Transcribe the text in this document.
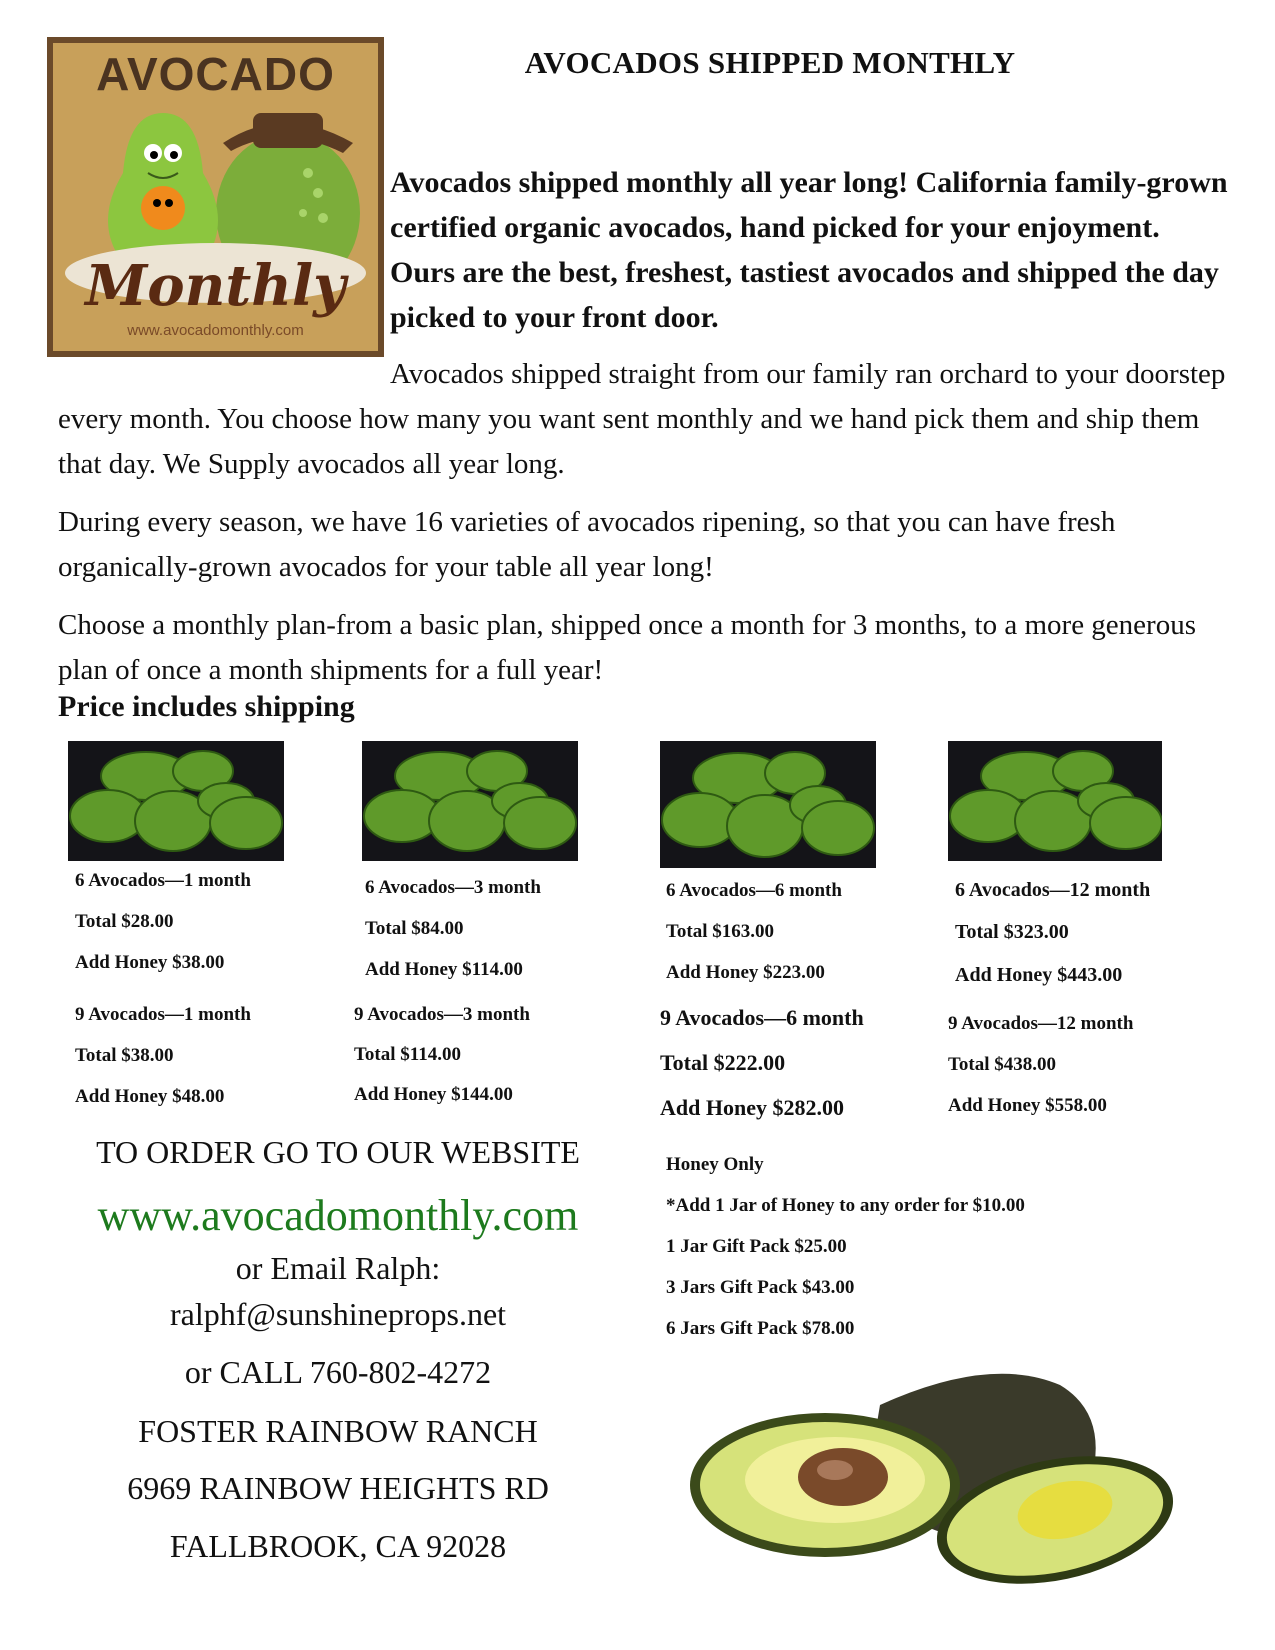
AVOCADO
Monthly
www.avocadomonthly.com
AVOCADOS SHIPPED MONTHLY

Avocados shipped monthly all year long! California family-grown certified organic avocados, hand picked for your enjoyment. Ours are the best, freshest, tastiest avocados and shipped the day picked to your front door.

Avocados shipped straight from our family ran orchard to your doorstep every month. You choose how many you want sent monthly and we hand pick them and ship them that day. We Supply avocados all year long.

During every season, we have 16 varieties of avocados ripening, so that you can have fresh organically-grown avocados for your table all year long!

Choose a monthly plan-from a basic plan, shipped once a month for 3 months, to a more generous plan of once a month shipments for a full year!

Price includes shipping
6 Avocados—1 month
Total $28.00
Add Honey $38.00
9 Avocados—1 month
Total $38.00
Add Honey $48.00
6 Avocados—3 month
Total $84.00
Add Honey $114.00
9 Avocados—3 month
Total $114.00
Add Honey $144.00
6 Avocados—6 month
Total $163.00
Add Honey $223.00
9 Avocados—6 month
Total $222.00
Add Honey $282.00
6 Avocados—12 month
Total $323.00
Add Honey $443.00
9 Avocados—12 month
Total $438.00
Add Honey $558.00
TO ORDER GO TO OUR WEBSITE
www.avocadomonthly.com
or Email Ralph:
ralphf@sunshineprops.net
or CALL 760-802-4272
FOSTER RAINBOW RANCH
6969 RAINBOW HEIGHTS RD
FALLBROOK, CA 92028
Honey Only
*Add 1 Jar of Honey to any order for $10.00
1 Jar Gift Pack $25.00
3 Jars Gift Pack $43.00
6 Jars Gift Pack $78.00
